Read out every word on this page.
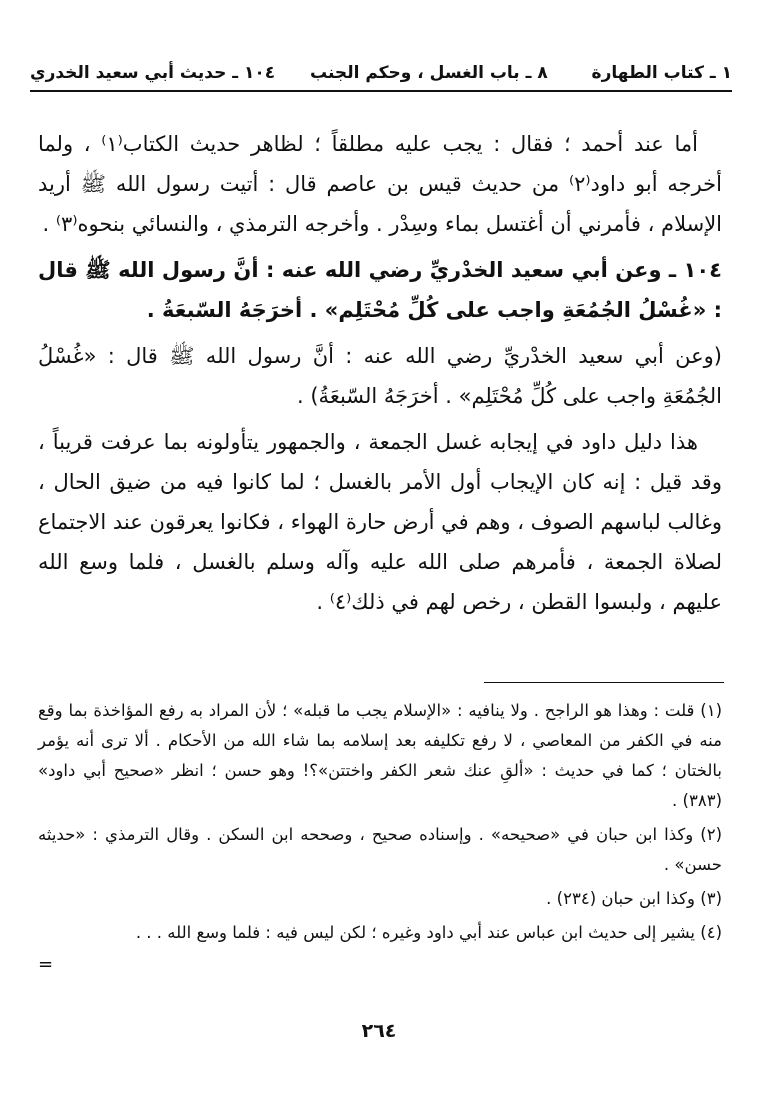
١ ـ كتاب الطهارة
٨ ـ باب الغسل ، وحكم الجنب
١٠٤ ـ حديث أبي سعيد الخدري

أما عند أحمد ؛ فقال : يجب عليه مطلقاً ؛ لظاهر حديث الكتاب⁽١⁾ ، ولما أخرجه أبو داود⁽٢⁾ من حديث قيس بن عاصم قال : أتيت رسول الله ﷺ أريد الإسلام ، فأمرني أن أغتسل بماء وسِدْر . وأخرجه الترمذي ، والنسائي بنحوه⁽٣⁾ .

١٠٤ ـ وعن أبي سعيد الخدْريِّ رضي الله عنه : أنَّ رسول الله ﷺ قال : «غُسْلُ الجُمُعَةِ واجب على كُلِّ مُحْتَلِم» . أخرَجَهُ السّبعَةُ .

(وعن أبي سعيد الخدْريِّ رضي الله عنه : أنَّ رسول الله ﷺ قال : «غُسْلُ الجُمُعَةِ واجب على كُلِّ مُحْتَلِم» . أخرَجَهُ السّبعَةُ) .

هذا دليل داود في إيجابه غسل الجمعة ، والجمهور يتأولونه بما عرفت قريباً ، وقد قيل : إنه كان الإيجاب أول الأمر بالغسل ؛ لما كانوا فيه من ضيق الحال ، وغالب لباسهم الصوف ، وهم في أرض حارة الهواء ، فكانوا يعرقون عند الاجتماع لصلاة الجمعة ، فأمرهم صلى الله عليه وآله وسلم بالغسل ، فلما وسع الله عليهم ، ولبسوا القطن ، رخص لهم في ذلك⁽٤⁾ .

(١) قلت : وهذا هو الراجح . ولا ينافيه : «الإسلام يجب ما قبله» ؛ لأن المراد به رفع المؤاخذة بما وقع منه في الكفر من المعاصي ، لا رفع تكليفه بعد إسلامه بما شاء الله من الأحكام . ألا ترى أنه يؤمر بالختان ؛ كما في حديث : «ألقِ عنك شعر الكفر واختتن»؟! وهو حسن ؛ انظر «صحيح أبي داود» (٣٨٣) .

(٢) وكذا ابن حبان في «صحيحه» . وإسناده صحيح ، وصححه ابن السكن . وقال الترمذي : «حديثه حسن» .

(٣) وكذا ابن حبان (٢٣٤) .

(٤) يشير إلى حديث ابن عباس عند أبي داود وغيره ؛ لكن ليس فيه : فلما وسع الله . . .

=
٢٦٤
